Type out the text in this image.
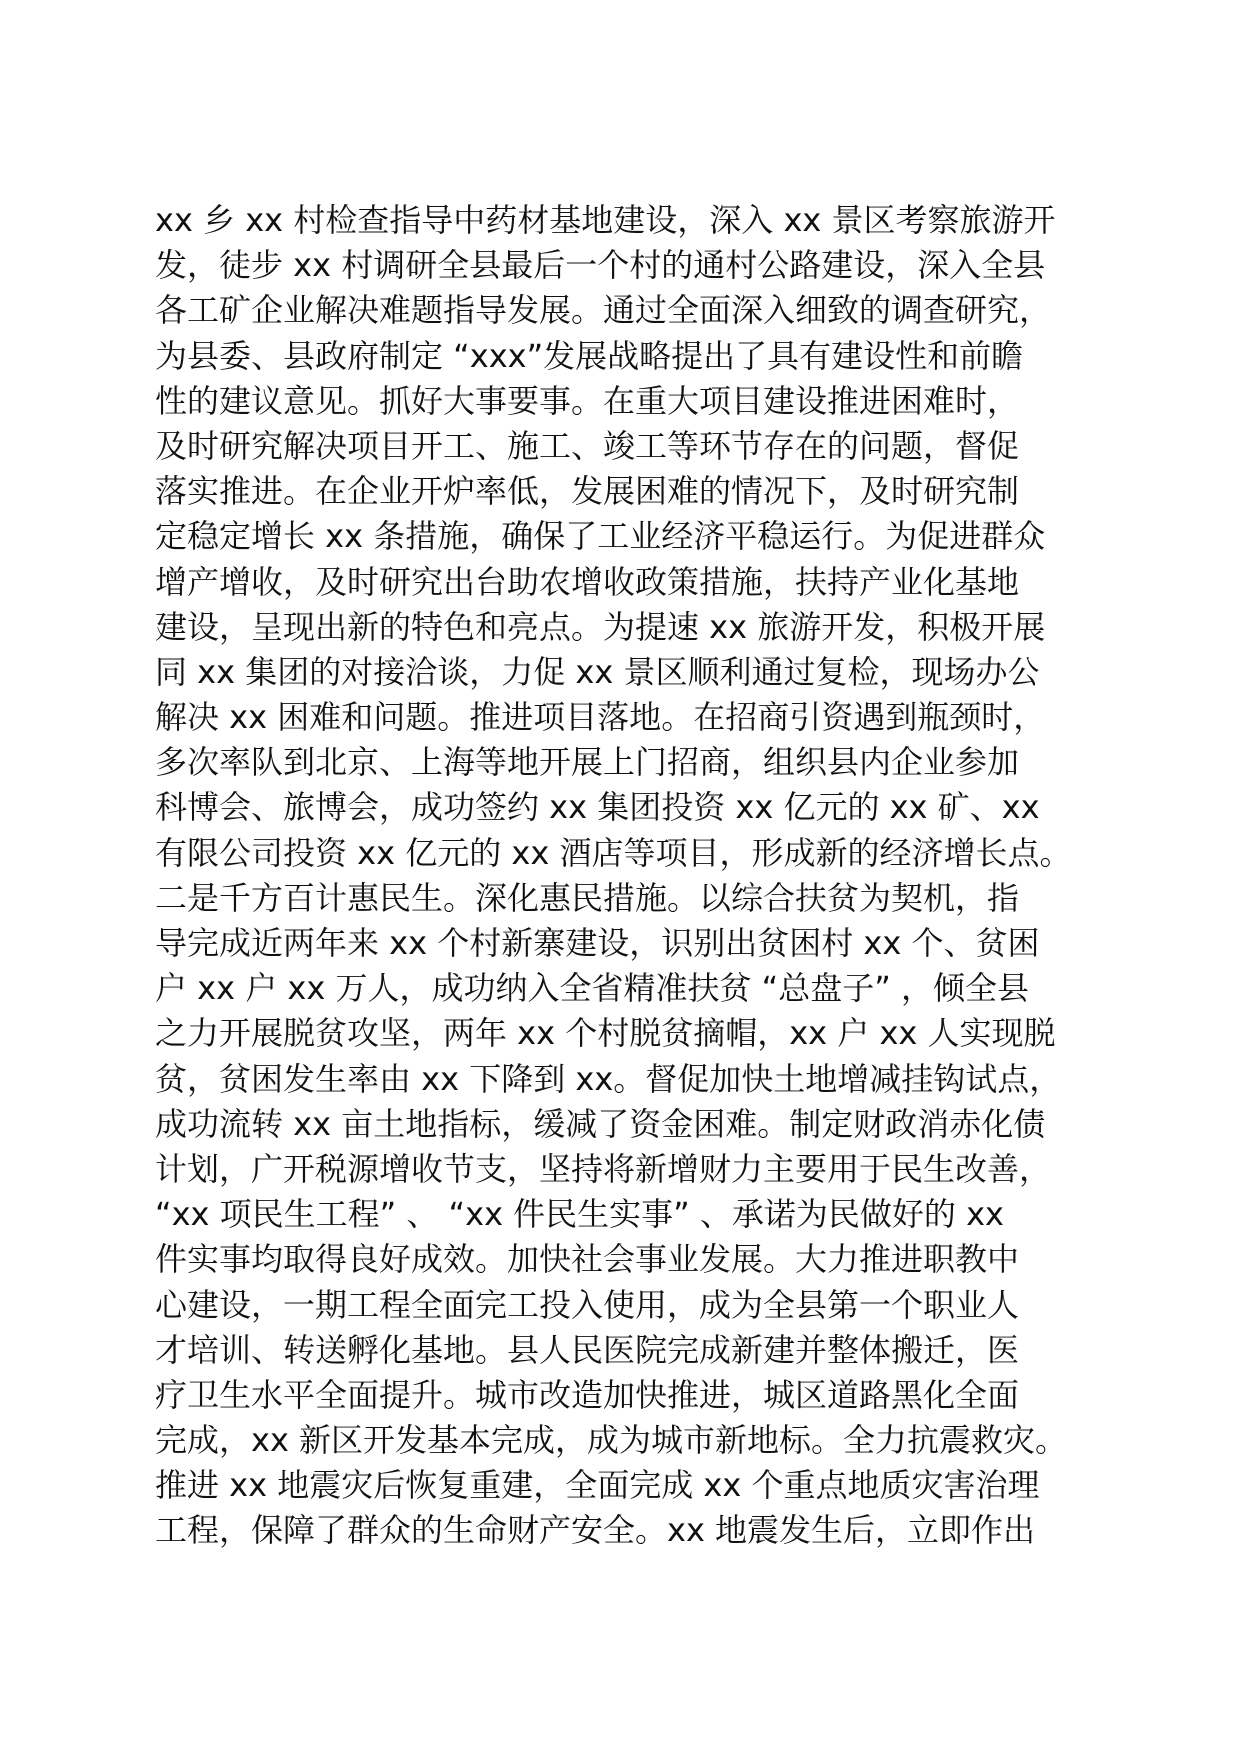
xx 乡 xx 村检查指导中药材基地建设，深入 xx 景区考察旅游开
发，徒步 xx 村调研全县最后一个村的通村公路建设，深入全县
各工矿企业解决难题指导发展。通过全面深入细致的调查研究，
为县委、县政府制定 “xxx”发展战略提出了具有建设性和前瞻
性的建议意见。抓好大事要事。在重大项目建设推进困难时，
及时研究解决项目开工、施工、竣工等环节存在的问题，督促
落实推进。在企业开炉率低，发展困难的情况下，及时研究制
定稳定增长 xx 条措施，确保了工业经济平稳运行。为促进群众
增产增收，及时研究出台助农增收政策措施，扶持产业化基地
建设，呈现出新的特色和亮点。为提速 xx 旅游开发，积极开展
同 xx 集团的对接洽谈，力促 xx 景区顺利通过复检，现场办公
解决 xx 困难和问题。推进项目落地。在招商引资遇到瓶颈时，
多次率队到北京、上海等地开展上门招商，组织县内企业参加
科博会、旅博会，成功签约 xx 集团投资 xx 亿元的 xx 矿、xx
有限公司投资 xx 亿元的 xx 酒店等项目，形成新的经济增长点。
二是千方百计惠民生。深化惠民措施。以综合扶贫为契机，指
导完成近两年来 xx 个村新寨建设，识别出贫困村 xx 个、贫困
户 xx 户 xx 万人，成功纳入全省精准扶贫 “总盘子” ，倾全县
之力开展脱贫攻坚，两年 xx 个村脱贫摘帽，xx 户 xx 人实现脱
贫，贫困发生率由 xx 下降到 xx。督促加快土地增减挂钩试点，
成功流转 xx 亩土地指标，缓减了资金困难。制定财政消赤化债
计划，广开税源增收节支，坚持将新增财力主要用于民生改善，
“xx 项民生工程” 、 “xx 件民生实事” 、承诺为民做好的 xx
件实事均取得良好成效。加快社会事业发展。大力推进职教中
心建设，一期工程全面完工投入使用，成为全县第一个职业人
才培训、转送孵化基地。县人民医院完成新建并整体搬迁，医
疗卫生水平全面提升。城市改造加快推进，城区道路黑化全面
完成，xx 新区开发基本完成，成为城市新地标。全力抗震救灾。
推进 xx 地震灾后恢复重建，全面完成 xx 个重点地质灾害治理
工程，保障了群众的生命财产安全。xx 地震发生后，立即作出
